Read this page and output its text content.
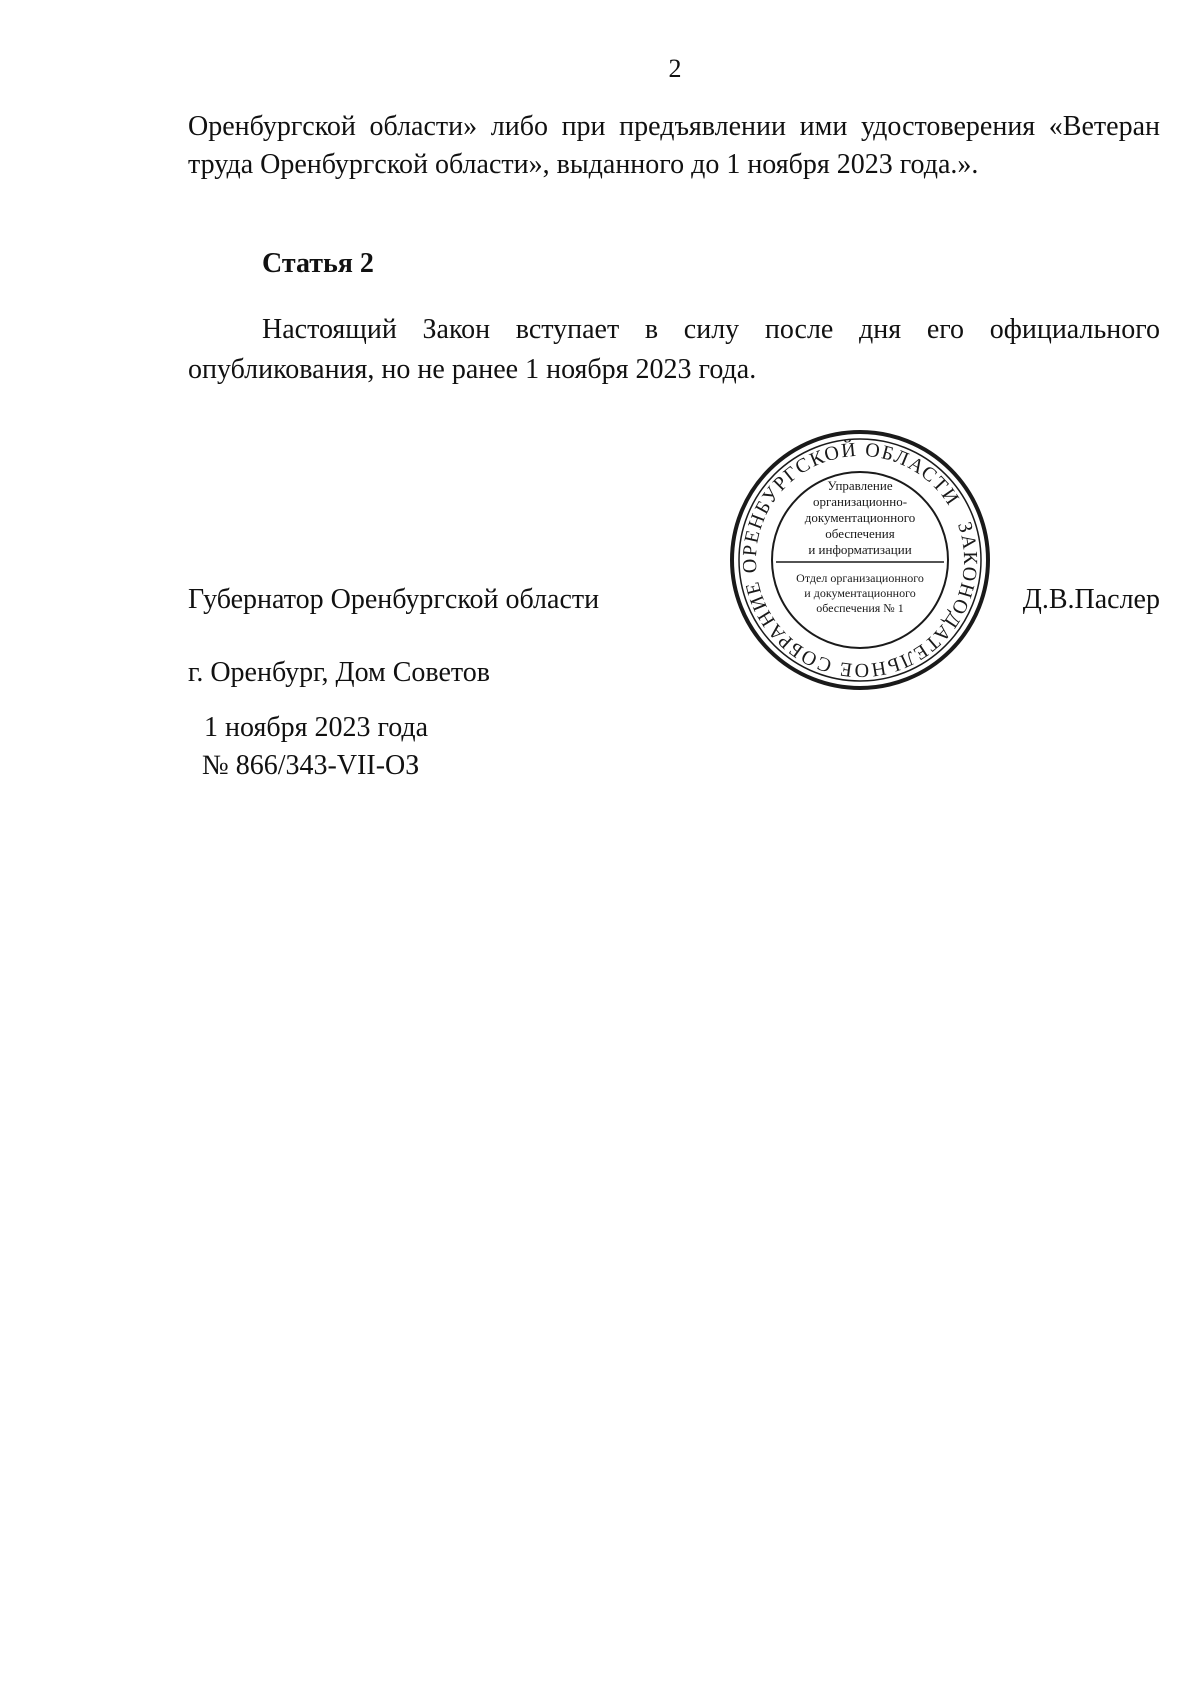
2
Оренбургской области» либо при предъявлении ими удостоверения «Ветеран
труда Оренбургской области», выданного до 1 ноября 2023 года.».
Статья 2
Настоящий Закон вступает в силу после дня его официального
опубликования, но не ранее 1 ноября 2023 года.
Губернатор Оренбургской области
ЗАКОНОДАТЕЛЬНОЕ СОБРАНИЕ ОРЕНБУРГСКОЙ ОБЛАСТИ
Управление
организационно-
документационного
обеспечения
и информатизации
Отдел организационного
и документационного
обеспечения № 1	Д.В.Паслер
г. Оренбург, Дом Советов
1 ноября 2023 года
№ 866/343-VII-ОЗ
